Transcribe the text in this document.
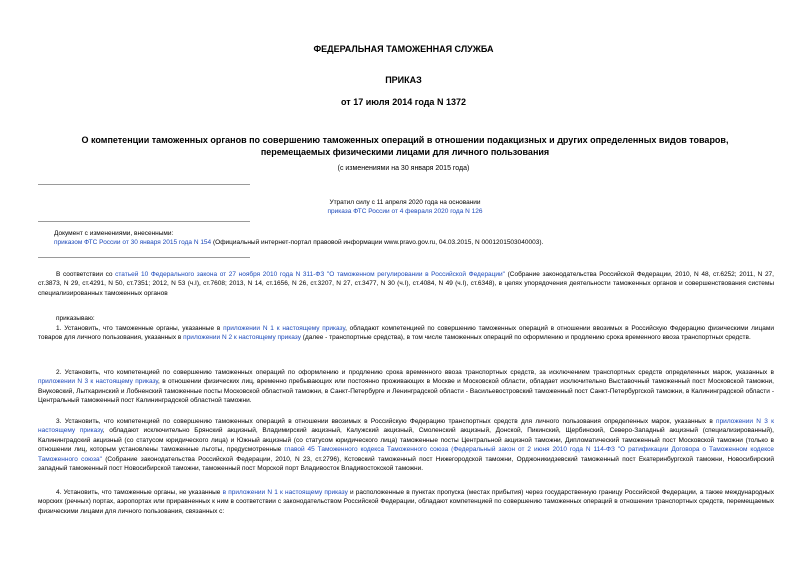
ФЕДЕРАЛЬНАЯ ТАМОЖЕННАЯ СЛУЖБА
ПРИКАЗ
от 17 июля 2014 года N 1372
О компетенции таможенных органов по совершению таможенных операций в отношении подакцизных и других определенных видов товаров, перемещаемых физическими лицами для личного пользования
(с изменениями на 30 января 2015 года)
Утратил силу с 11 апреля 2020 года на основании
приказа ФТС России от 4 февраля 2020 года N 126
Документ с изменениями, внесенными:
приказом ФТС России от 30 января 2015 года N 154 (Официальный интернет-портал правовой информации www.pravo.gov.ru, 04.03.2015, N 0001201503040003).
В соответствии со статьей 10 Федерального закона от 27 ноября 2010 года N 311-ФЗ "О таможенном регулировании в Российской Федерации" (Собрание законодательства Российской Федерации, 2010, N 48, ст.6252; 2011, N 27, ст.3873, N 29, ст.4291, N 50, ст.7351; 2012, N 53 (ч.I), ст.7608; 2013, N 14, ст.1656, N 26, ст.3207, N 27, ст.3477, N 30 (ч.I), ст.4084, N 49 (ч.I), ст.6348), в целях упорядочения деятельности таможенных органов и совершенствования системы специализированных таможенных органов
приказываю:
1. Установить, что таможенные органы, указанные в приложении N 1 к настоящему приказу, обладают компетенцией по совершению таможенных операций в отношении ввозимых в Российскую Федерацию физическими лицами товаров для личного пользования, указанных в приложении N 2 к настоящему приказу (далее - транспортные средства), в том числе таможенных операций по оформлению и продлению срока временного ввоза транспортных средств.
2. Установить, что компетенцией по совершению таможенных операций по оформлению и продлению срока временного ввоза транспортных средств, за исключением транспортных средств определенных марок, указанных в приложении N 3 к настоящему приказу, в отношении физических лиц, временно пребывающих или постоянно проживающих в Москве и Московской области, обладает исключительно Выставочный таможенный пост Московской таможни, Внуковский, Лыткаринский и Лобненский таможенные посты Московской областной таможни, в Санкт-Петербурге и Ленинградской области - Васильевостровский таможенный пост Санкт-Петербургской таможни, в Калининградской области - Центральный таможенный пост Калининградской областной таможни.
3. Установить, что компетенцией по совершению таможенных операций в отношении ввозимых в Российскую Федерацию транспортных средств для личного пользования определенных марок, указанных в приложении N 3 к настоящему приказу, обладают исключительно Брянский акцизный, Владимирский акцизный, Калужский акцизный, Смоленский акцизный, Донской, Пикинский, Щербинский, Северо-Западный акцизный (специализированный), Калининградский акцизный (со статусом юридического лица) и Южный акцизный (со статусом юридического лица) таможенные посты Центральной акцизной таможни, Дипломатический таможенный пост Московской таможни (только в отношении лиц, которым установлены таможенные льготы, предусмотренные главой 45 Таможенного кодекса Таможенного союза (Федеральный закон от 2 июня 2010 года N 114-ФЗ "О ратификации Договора о Таможенном кодексе Таможенного союза" (Собрание законодательства Российской Федерации, 2010, N 23, ст.2796), Кстовский таможенный пост Нижегородской таможни, Орджоникидзевский таможенный пост Екатеринбургской таможни, Новосибирский западный таможенный пост Новосибирской таможни, таможенный пост Морской порт Владивосток Владивостокской таможни.
4. Установить, что таможенные органы, не указанные в приложении N 1 к настоящему приказу и расположенные в пунктах пропуска (местах прибытия) через государственную границу Российской Федерации, а также международных морских (речных) портах, аэропортах или приравненных к ним в соответствии с законодательством Российской Федерации, обладают компетенцией по совершению таможенных операций в отношении транспортных средств, перемещаемых физическими лицами для личного пользования, связанных с:
